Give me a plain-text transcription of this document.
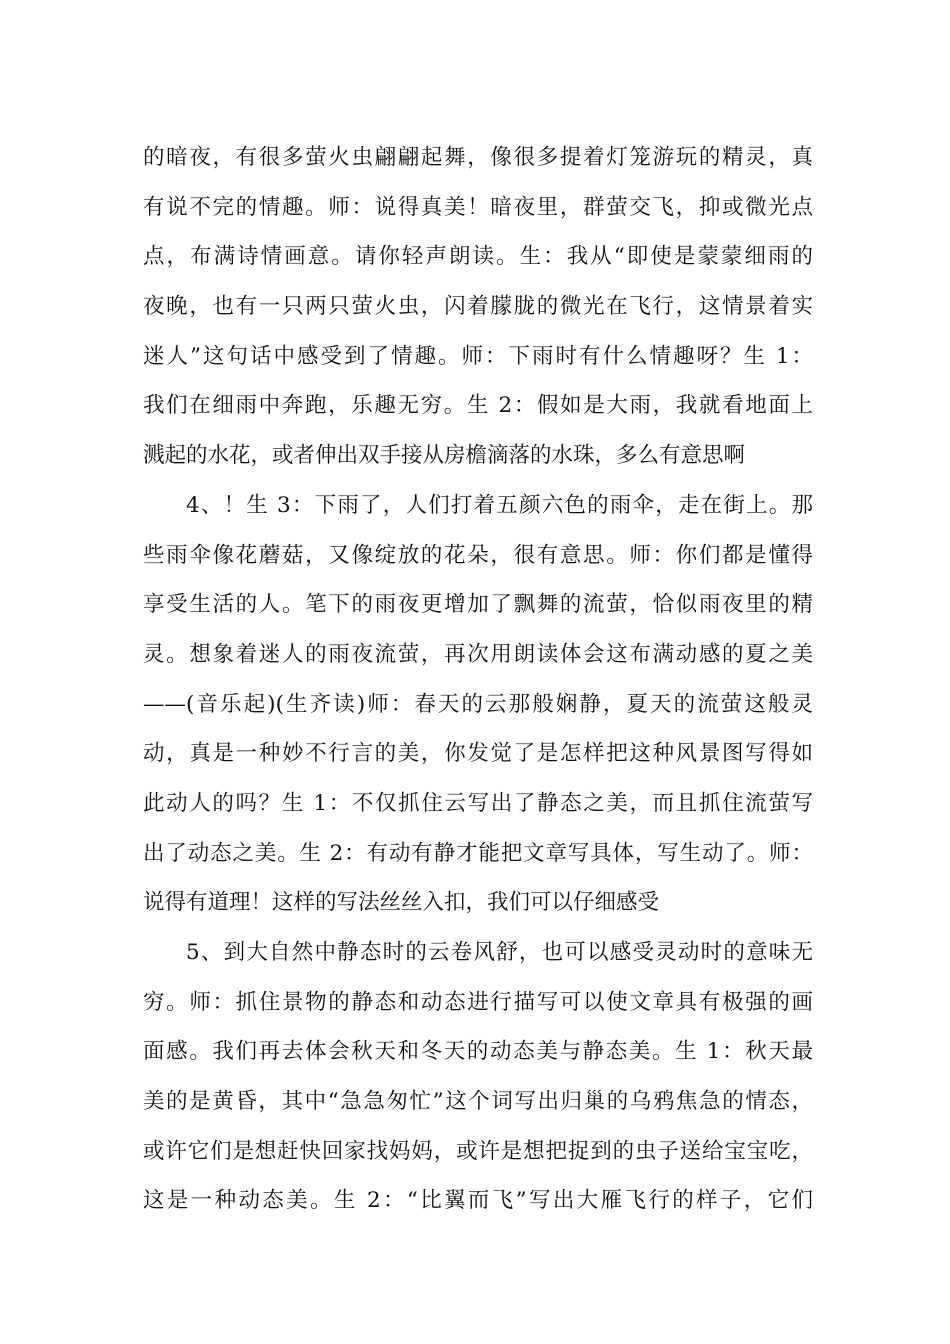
的暗夜，有很多萤火虫翩翩起舞，像很多提着灯笼游玩的精灵，真
有说不完的情趣。师：说得真美！暗夜里，群萤交飞，抑或微光点
点，布满诗情画意。请你轻声朗读。生：我从“即使是蒙蒙细雨的
夜晚，也有一只两只萤火虫，闪着朦胧的微光在飞行，这情景着实
迷人”这句话中感受到了情趣。师：下雨时有什么情趣呀？生 1：
我们在细雨中奔跑，乐趣无穷。生 2：假如是大雨，我就看地面上
溅起的水花，或者伸出双手接从房檐滴落的水珠，多么有意思啊
4、！生 3：下雨了，人们打着五颜六色的雨伞，走在街上。那
些雨伞像花蘑菇，又像绽放的花朵，很有意思。师：你们都是懂得
享受生活的人。笔下的雨夜更增加了飘舞的流萤，恰似雨夜里的精
灵。想象着迷人的雨夜流萤，再次用朗读体会这布满动感的夏之美
——(音乐起)(生齐读)师：春天的云那般娴静，夏天的流萤这般灵
动，真是一种妙不行言的美，你发觉了是怎样把这种风景图写得如
此动人的吗？生 1：不仅抓住云写出了静态之美，而且抓住流萤写
出了动态之美。生 2：有动有静才能把文章写具体，写生动了。师：
说得有道理！这样的写法丝丝入扣，我们可以仔细感受
5、到大自然中静态时的云卷风舒，也可以感受灵动时的意味无
穷。师：抓住景物的静态和动态进行描写可以使文章具有极强的画
面感。我们再去体会秋天和冬天的动态美与静态美。生 1：秋天最
美的是黄昏，其中“急急匆忙”这个词写出归巢的乌鸦焦急的情态，
或许它们是想赶快回家找妈妈，或许是想把捉到的虫子送给宝宝吃，
这是一种动态美。生 2：“比翼而飞”写出大雁飞行的样子，它们
